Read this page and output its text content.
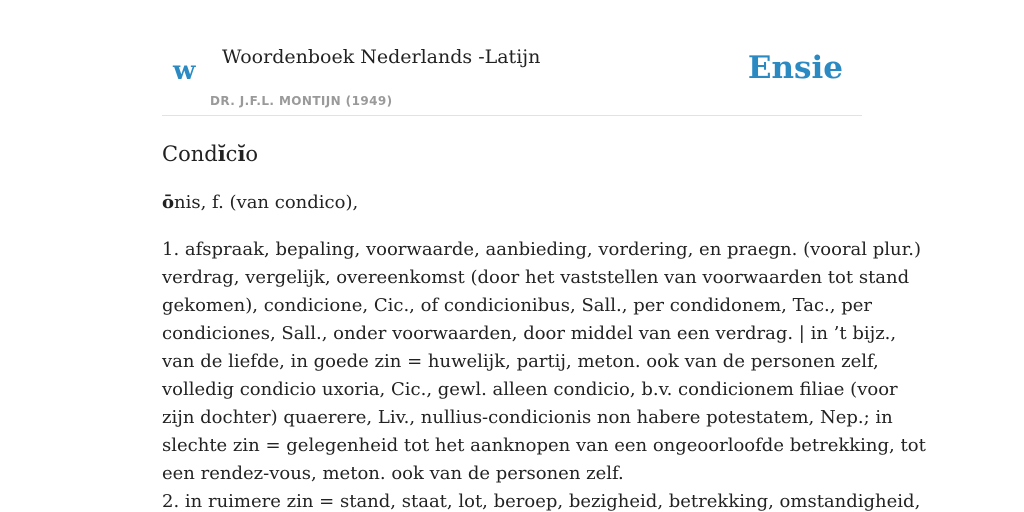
w Woordenboek Nederlands -Latijn
DR. J.F.L. MONTIJN (1949)
Ensie
Condĭcĭo

ōnis, f. (van condico),

1. afspraak, bepaling, voorwaarde, aanbieding, vordering, en praegn. (vooral plur.)
verdrag, vergelijk, overeenkomst (door het vaststellen van voorwaarden tot stand
gekomen), condicione, Cic., of condicionibus, Sall., per condidonem, Tac., per
condiciones, Sall., onder voorwaarden, door middel van een verdrag. | in ’t bijz.,
van de liefde, in goede zin = huwelijk, partij, meton. ook van de personen zelf,
volledig condicio uxoria, Cic., gewl. alleen condicio, b.v. condicionem filiae (voor
zijn dochter) quaerere, Liv., nullius-condicionis non habere potestatem, Nep.; in
slechte zin = gelegenheid tot het aanknopen van een ongeoorloofde betrekking, tot
een rendez-vous, meton. ook van de personen zelf.
2. in ruimere zin = stand, staat, lot, beroep, bezigheid, betrekking, omstandigheid,
